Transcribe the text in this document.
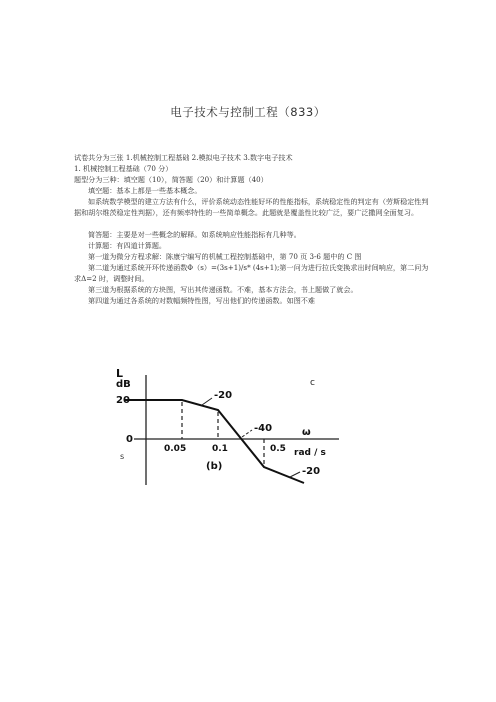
电子技术与控制工程（833）
试卷共分为三张 1.机械控制工程基础 2.模拟电子技术 3.数字电子技术
1. 机械控制工程基础（70 分）
题型分为三种：填空题（10），简答题（20）和计算题（40）
填空题：基本上都是一些基本概念。
如系统数学模型的建立方法有什么，评价系统动态性能好坏的性能指标，系统稳定性的判定有（劳斯稳定性判据和胡尔维茨稳定性判据），还有频率特性的一些简单概念。此题就是覆盖性比较广泛，要广泛撒网全面复习。
简答题：主要是对一些概念的解释。如系统响应性能指标有几种等。
计算题：有四道计算题。
第一道为微分方程求解：陈康宁编写的机械工程控制基础中，第 70 页 3-6 题中的 C 图
第二道为通过系统开环传递函数Φ（s）=(3s+1)/s* (4s+1);第一问为进行拉氏变换求出时间响应，第二问为求Δ=2 时，调整时间。
第三道为根据系统的方块图，写出其传递函数。不难，基本方法会，书上题做了就会。
第四道为通过各系统的对数幅频特性图，写出他们的传递函数。如图不难
L
dB	c
20
0
-20
-40
-20
0.05	0.1	0.5
ω
rad / s
s
(b)
